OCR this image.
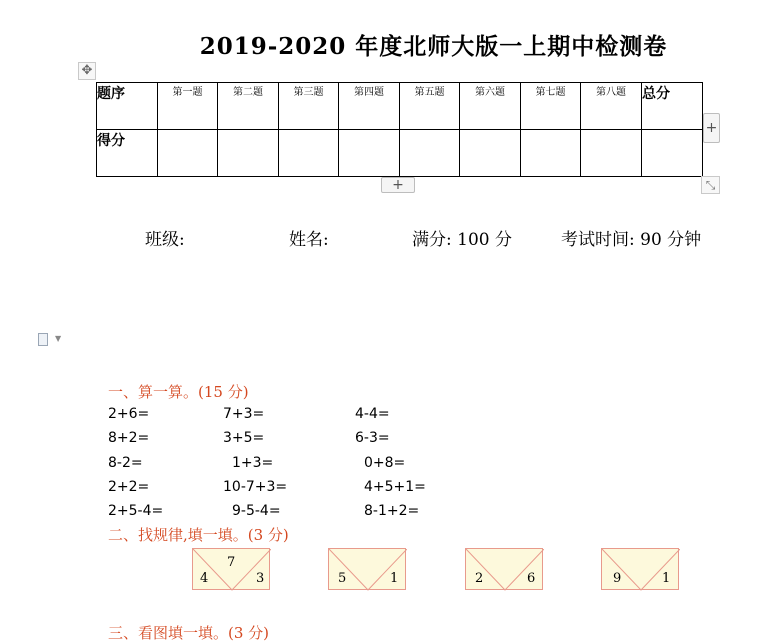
2019-2020 年度北师大版一上期中检测卷
✥
题序	第一题	第二题	第三题	第四题	第五题	第六题	第七题	第八题	总分
得分									
+
+	⤡
班级:	姓名:	满分: 100 分	考试时间: 90 分钟
▼
一、算一算。(15 分)
2+6=	7+3=	4-4=
8+2=	3+5=	6-3=
8-2=	1+3=	0+8=
2+2=	10-7+3=	4+5+1=
2+5-4=	9-5-4=	8-1+2=
二、找规律,填一填。(3 分)
7
4	3	5	1	2	6	9	1
三、看图填一填。(3 分)
